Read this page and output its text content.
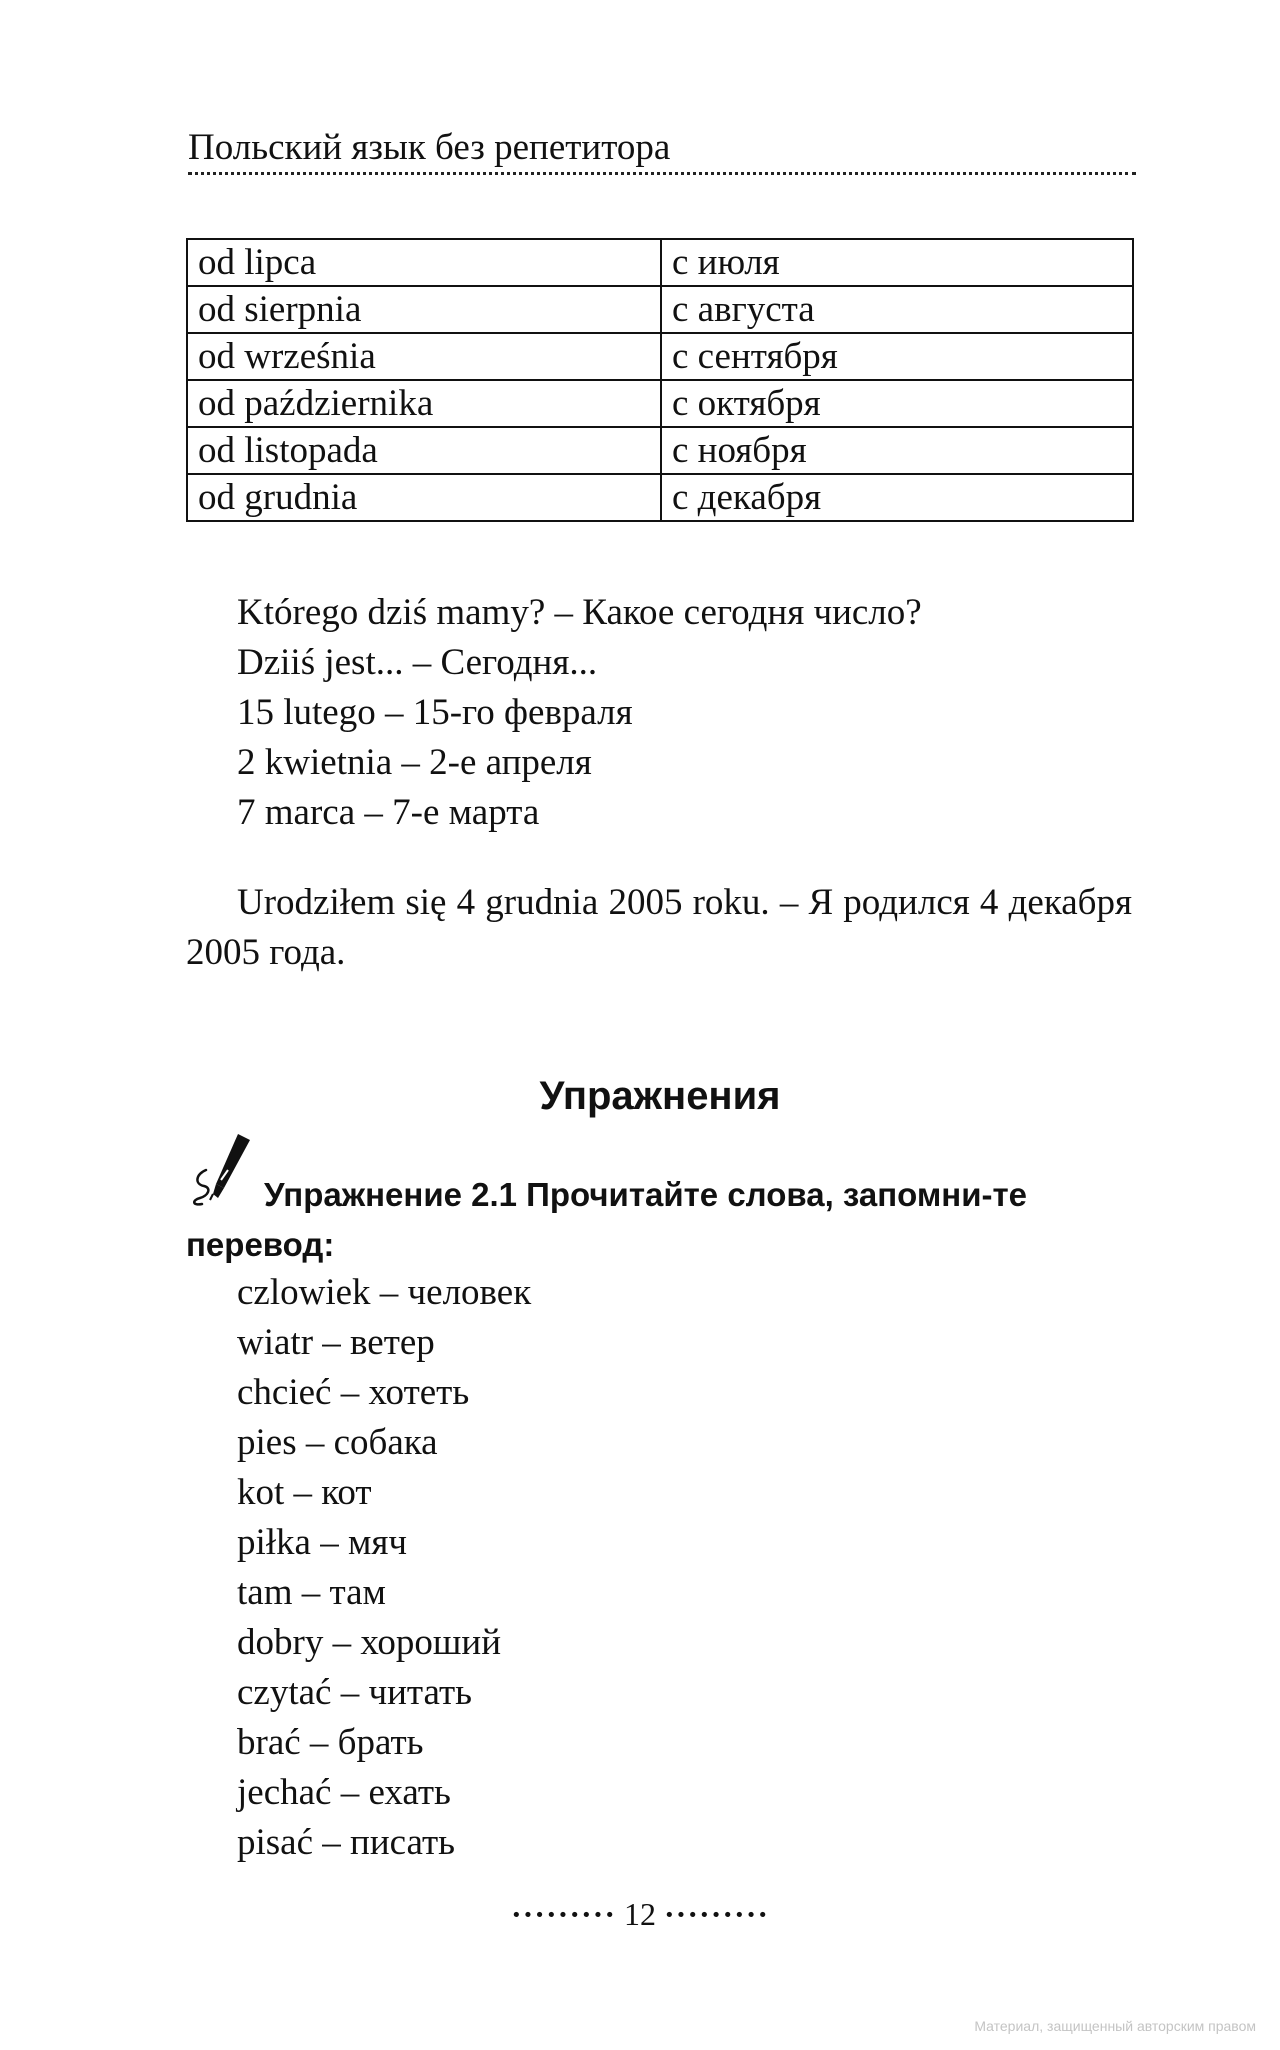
Польский язык без репетитора
od lipca	с июля
od sierpnia	с августа
od września	с сентября
od października	с октября
od listopada	с ноября
od grudnia	с декабря
Którego dziś mamy? – Какое сегодня число?
Dziiś jest... – Сегодня...
15 lutego – 15-го февраля
2 kwietnia – 2-е апреля
7 marca – 7-е марта

Urodziłem się 4 grudnia 2005 roku. – Я родился 4 декабря 2005 года.

Упражнения
Упражнение 2.1 Прочитайте слова, запомни-те перевод:
czlowiek – человек
wiatr – ветер
chcieć – хотеть
pies – собака
kot – кот
piłka – мяч
tam – там
dobry – хороший
czytać – читать
brać – брать
jechać – ехать
pisać – писать
········· 12 ·········
Материал, защищенный авторским правом
